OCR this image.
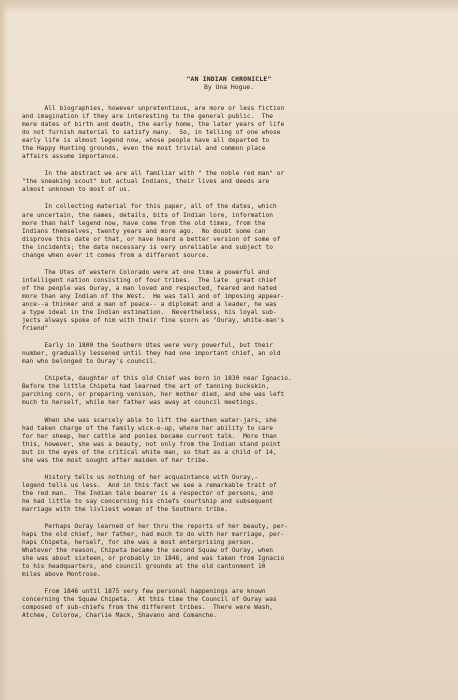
"AN INDIAN CHRONICLE"
By Una Hogue.

All biographies, however unpretentious, are more or less fiction
and imagination if they are interesting to the general public.  The
mere dates of birth and death, the early home, the later years of life
do not furnish material to satisfy many.  So, in telling of one whose
early life is almost legend now, whose people have all departed to
the Happy Hunting grounds, even the most trivial and common place
affairs assume importance.

In the abstract we are all familiar with " the noble red man" or
"the sneaking scout" but actual Indians, their lives and deeds are
almost unknown to most of us.

In collecting material for this paper, all of the dates, which
are uncertain, the names, details, bits of Indian lore, information
more than half legend now, have come from the old times, from the
Indians themselves, twenty years and more ago.  No doubt some can
disprove this date or that, or have heard a better version of some of
the incidents; the data necessary is very unreliable and subject to
change when ever it comes from a different source.

The Utes of western Colorado were at one time a powerful and
intelligent nation consisting of four tribes.  The late  great chief
of the people was Ouray, a man loved and respected, feared and hated
more than any Indian of the West.  He was tall and of imposing appear-
ance--a thinker and a man of peace-- a diplomat and a leader, he was
a type ideal in the Indian estimation.  Nevertheless, his loyal sub-
jects always spoke of him with their fine scorn as "Ouray, white-man's
friend"

Early in 1800 the Southern Utes were very powerful, but their
number, gradually lessened until they had one important chief, an old
man who belonged to Ouray's council.

Chipeta, daughter of this old Chief was born in 1830 near Ignacio.
Before the little Chipeta had learned the art of tanning buckskin,
parching corn, or preparing venison, her mother died, and she was left
much to herself, while her father was away at council meetings.

When she was scarcely able to lift the earthen water-jars, she
had taken charge of the family wick-e-up, where her ability to care
for her sheep, her cattle and ponies became current talk.  More than
this, however, she was a beauty, not only from the Indian stand point
but in the eyes of the critical white man, so that as a child of 14,
she was the most sought after maiden of her tribe.

History tells us nothing of her acquaintance with Ouray,-
legend tells us less.  And in this fact we see a remarkable trait of
the red man.  The Indian tale bearer is a respector of persons, and
he had little to say concerning his chiefs courtship and subsequent
marriage with the livliest woman of the Southern tribe.

Perhaps Ouray learned of her thru the reports of her beauty, per-
haps the old chief, her father, had much to do with her marriage, per-
haps Chipeta, herself, for she was a most enterprising person.
Whatever the reason, Chipeta became the second Squaw of Ouray, when
she was about sixteen, or probably in 1846, and was taken from Ignacio
to his headquarters, and council grounds at the old cantonment 10
miles above Montrose.

From 1846 until 1875 very few personal happenings are known
concerning the Squaw Chipeta.  At this time the Council of Ouray was
composed of sub-chiefs from the different tribes.  There were Wash,
Atchee, Colorow, Charlie Mack, Shavano and Comanche.
